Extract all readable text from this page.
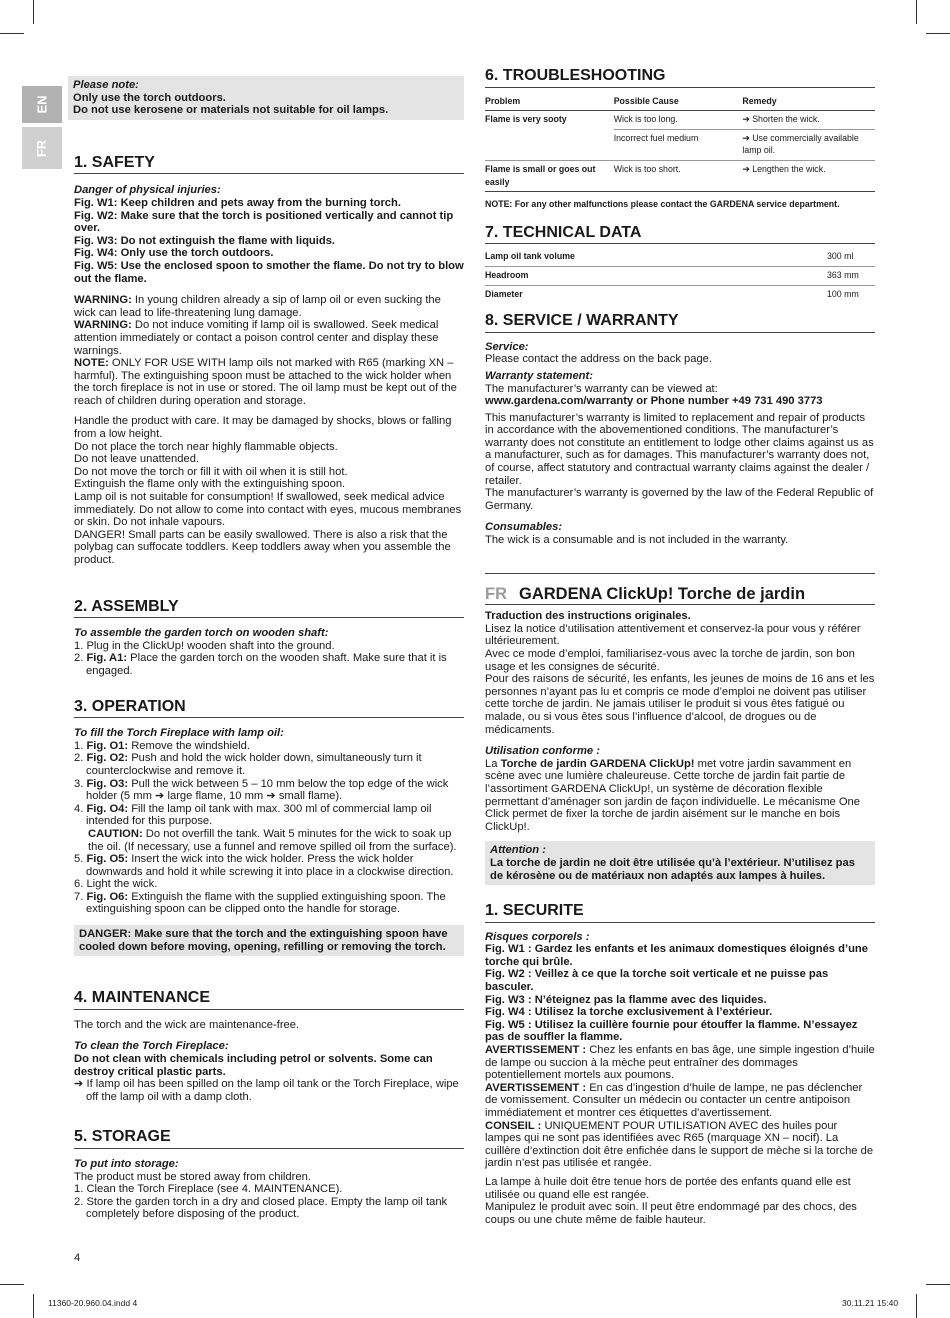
EN
FR

Please note:

Only use the torch outdoors.

Do not use kerosene or materials not suitable for oil lamps.

1. SAFETY

Danger of physical injuries:

Fig. W1: Keep children and pets away from the burning torch.

Fig. W2: Make sure that the torch is positioned vertically and cannot tip over.

Fig. W3: Do not extinguish the flame with liquids.

Fig. W4: Only use the torch outdoors.

Fig. W5: Use the enclosed spoon to smother the flame. Do not try to blow out the flame.

WARNING: In young children already a sip of lamp oil or even sucking the wick can lead to life-threatening lung damage.

WARNING: Do not induce vomiting if lamp oil is swallowed. Seek medical attention immediately or contact a poison control center and display these warnings.

NOTE: ONLY FOR USE WITH lamp oils not marked with R65 (marking XN – harmful). The extinguishing spoon must be attached to the wick holder when the torch fireplace is not in use or stored. The oil lamp must be kept out of the reach of children during operation and storage.

Handle the product with care. It may be damaged by shocks, blows or falling from a low height.

Do not place the torch near highly flammable objects.

Do not leave unattended.

Do not move the torch or fill it with oil when it is still hot.

Extinguish the flame only with the extinguishing spoon.

Lamp oil is not suitable for consumption! If swallowed, seek medical advice immediately. Do not allow to come into contact with eyes, mucous membranes or skin. Do not inhale vapours.

DANGER! Small parts can be easily swallowed. There is also a risk that the polybag can suffocate toddlers. Keep toddlers away when you assemble the product.

2. ASSEMBLY

To assemble the garden torch on wooden shaft:

1. Plug in the ClickUp! wooden shaft into the ground.

2. Fig. A1: Place the garden torch on the wooden shaft. Make sure that it is engaged.

3. OPERATION

To fill the Torch Fireplace with lamp oil:

1. Fig. O1: Remove the windshield.

2. Fig. O2: Push and hold the wick holder down, simultaneously turn it counterclockwise and remove it.

3. Fig. O3: Pull the wick between 5 – 10 mm below the top edge of the wick holder (5 mm ➔ large flame, 10 mm ➔ small flame).

4. Fig. O4: Fill the lamp oil tank with max. 300 ml of commercial lamp oil intended for this purpose.

CAUTION: Do not overfill the tank. Wait 5 minutes for the wick to soak up the oil. (If necessary, use a funnel and remove spilled oil from the surface).

5. Fig. O5: Insert the wick into the wick holder. Press the wick holder downwards and hold it while screwing it into place in a clockwise direction.

6. Light the wick.

7. Fig. O6: Extinguish the flame with the supplied extinguishing spoon. The extinguishing spoon can be clipped onto the handle for storage.

DANGER: Make sure that the torch and the extinguishing spoon have cooled down before moving, opening, refilling or removing the torch.
4. MAINTENANCE

The torch and the wick are maintenance-free.

To clean the Torch Fireplace:

Do not clean with chemicals including petrol or solvents. Some can destroy critical plastic parts.

➔ If lamp oil has been spilled on the lamp oil tank or the Torch Fireplace, wipe off the lamp oil with a damp cloth.

5. STORAGE

To put into storage:

The product must be stored away from children.

1. Clean the Torch Fireplace (see 4. MAINTENANCE).

2. Store the garden torch in a dry and closed place. Empty the lamp oil tank completely before disposing of the product.

4
6. TROUBLESHOOTING
Problem	Possible Cause	Remedy
Flame is very sooty	Wick is too long.	➔ Shorten the wick.
	Incorrect fuel medium	➔ Use commercially available lamp oil.
Flame is small or goes out easily	Wick is too short.	➔ Lengthen the wick.

NOTE: For any other malfunctions please contact the GARDENA service department.

7. TECHNICAL DATA
Lamp oil tank volume	300 ml
Headroom	363 mm
Diameter	100 mm
8. SERVICE / WARRANTY

Service:

Please contact the address on the back page.

Warranty statement:

The manufacturer’s warranty can be viewed at:

www.gardena.com/warranty or Phone number +49 731 490 3773

This manufacturer’s warranty is limited to replacement and repair of products in accordance with the abovementioned conditions. The manufacturer’s warranty does not constitute an entitlement to lodge other claims against us as a manufacturer, such as for damages. This manufacturer’s warranty does not, of course, affect statutory and contractual warranty claims against the dealer / retailer.

The manufacturer’s warranty is governed by the law of the Federal Republic of Germany.

Consumables:

The wick is a consumable and is not included in the warranty.

FR GARDENA ClickUp! Torche de jardin

Traduction des instructions originales.

Lisez la notice d’utilisation attentivement et conservez-la pour vous y référer ultérieurement.

Avec ce mode d’emploi, familiarisez-vous avec la torche de jardin, son bon usage et les consignes de sécurité.

Pour des raisons de sécurité, les enfants, les jeunes de moins de 16 ans et les personnes n’ayant pas lu et compris ce mode d’emploi ne doivent pas utiliser cette torche de jardin. Ne jamais utiliser le produit si vous êtes fatigué ou malade, ou si vous êtes sous l’influence d’alcool, de drogues ou de médicaments.

Utilisation conforme :

La Torche de jardin GARDENA ClickUp! met votre jardin savamment en scène avec une lumière chaleureuse. Cette torche de jardin fait partie de l’assortiment GARDENA ClickUp!, un système de décoration flexible permettant d’aménager son jardin de façon individuelle. Le mécanisme One Click permet de fixer la torche de jardin aisément sur le manche en bois ClickUp!.

Attention :

La torche de jardin ne doit être utilisée qu’à l’extérieur. N’utilisez pas de kérosène ou de matériaux non adaptés aux lampes à huiles.

1. SECURITE

Risques corporels :

Fig. W1 : Gardez les enfants et les animaux domestiques éloignés d’une torche qui brûle.

Fig. W2 : Veillez à ce que la torche soit verticale et ne puisse pas basculer.

Fig. W3 : N’éteignez pas la flamme avec des liquides.

Fig. W4 : Utilisez la torche exclusivement à l’extérieur.

Fig. W5 : Utilisez la cuillère fournie pour étouffer la flamme. N’essayez pas de souffler la flamme.

AVERTISSEMENT : Chez les enfants en bas âge, une simple ingestion d’huile de lampe ou succion à la mèche peut entraîner des dommages potentiellement mortels aux poumons.

AVERTISSEMENT : En cas d’ingestion d’huile de lampe, ne pas déclencher de vomissement. Consulter un médecin ou contacter un centre antipoison immédiatement et montrer ces étiquettes d’avertissement.

CONSEIL : UNIQUEMENT POUR UTILISATION AVEC des huiles pour lampes qui ne sont pas identifiées avec R65 (marquage XN – nocif). La cuillère d’extinction doit être enfichée dans le support de mèche si la torche de jardin n’est pas utilisée et rangée.

La lampe à huile doit être tenue hors de portée des enfants quand elle est utilisée ou quand elle est rangée.

Manipulez le produit avec soin. Il peut être endommagé par des chocs, des coups ou une chute même de faible hauteur.

11360-20.960.04.indd 4	30.11.21 15:40
